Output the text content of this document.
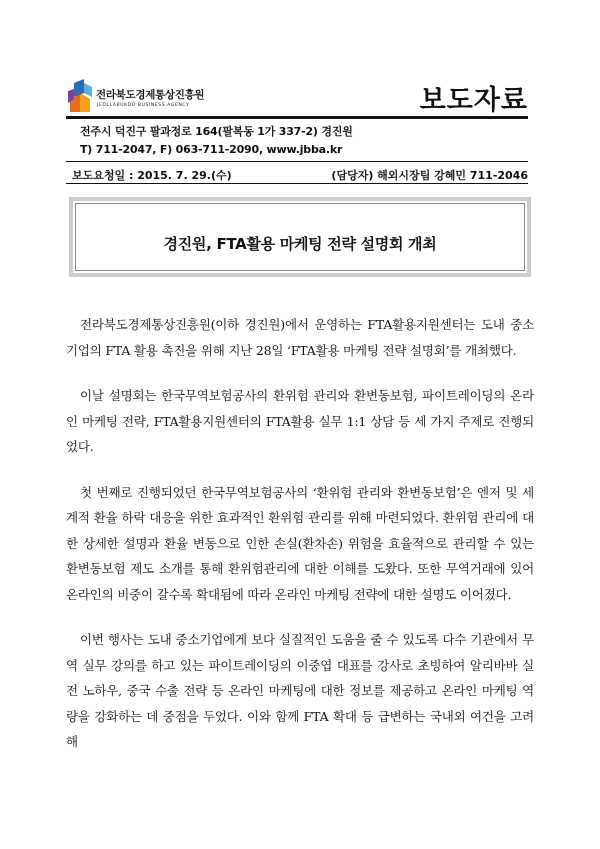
전라북도경제통상진흥원
JEOLLABUKDO BUSINESS AGENCY	보도자료
전주시 덕진구 팔과정로 164(팔복동 1가 337-2) 경진원
T) 711-2047, F) 063-711-2090, www.jbba.kr
보도요청일 : 2015. 7. 29.(수)	(담당자) 해외시장팀 강혜민 711-2046
경진원, FTA활용 마케팅 전략 설명회 개최

전라북도경제통상진흥원(이하 경진원)에서 운영하는 FTA활용지원센터는 도내 중소기업의 FTA 활용 촉진을 위해 지난 28일 ‘FTA활용 마케팅 전략 설명회’를 개최했다.

이날 설명회는 한국무역보험공사의 환위험 관리와 환변동보험, 파이트레이딩의 온라인 마케팅 전략, FTA활용지원센터의 FTA활용 실무 1:1 상담 등 세 가지 주제로 진행되었다.

첫 번째로 진행되었던 한국무역보험공사의 ‘환위험 관리와 환변동보험’은 엔저 및 세계적 환율 하락 대응을 위한 효과적인 환위험 관리를 위해 마련되었다. 환위험 관리에 대한 상세한 설명과 환율 변동으로 인한 손실(환차손) 위험을 효율적으로 관리할 수 있는 환변동보험 제도 소개를 통해 환위험관리에 대한 이해를 도왔다. 또한 무역거래에 있어 온라인의 비중이 갈수록 확대됨에 따라 온라인 마케팅 전략에 대한 설명도 이어졌다.

이번 행사는 도내 중소기업에게 보다 실질적인 도움을 줄 수 있도록 다수 기관에서 무역 실무 강의를 하고 있는 파이트레이딩의 이중엽 대표를 강사로 초빙하여 알리바바 실전 노하우, 중국 수출 전략 등 온라인 마케팅에 대한 정보를 제공하고 온라인 마케팅 역량을 강화하는 데 중점을 두었다. 이와 함께 FTA 확대 등 급변하는 국내외 여건을 고려해
